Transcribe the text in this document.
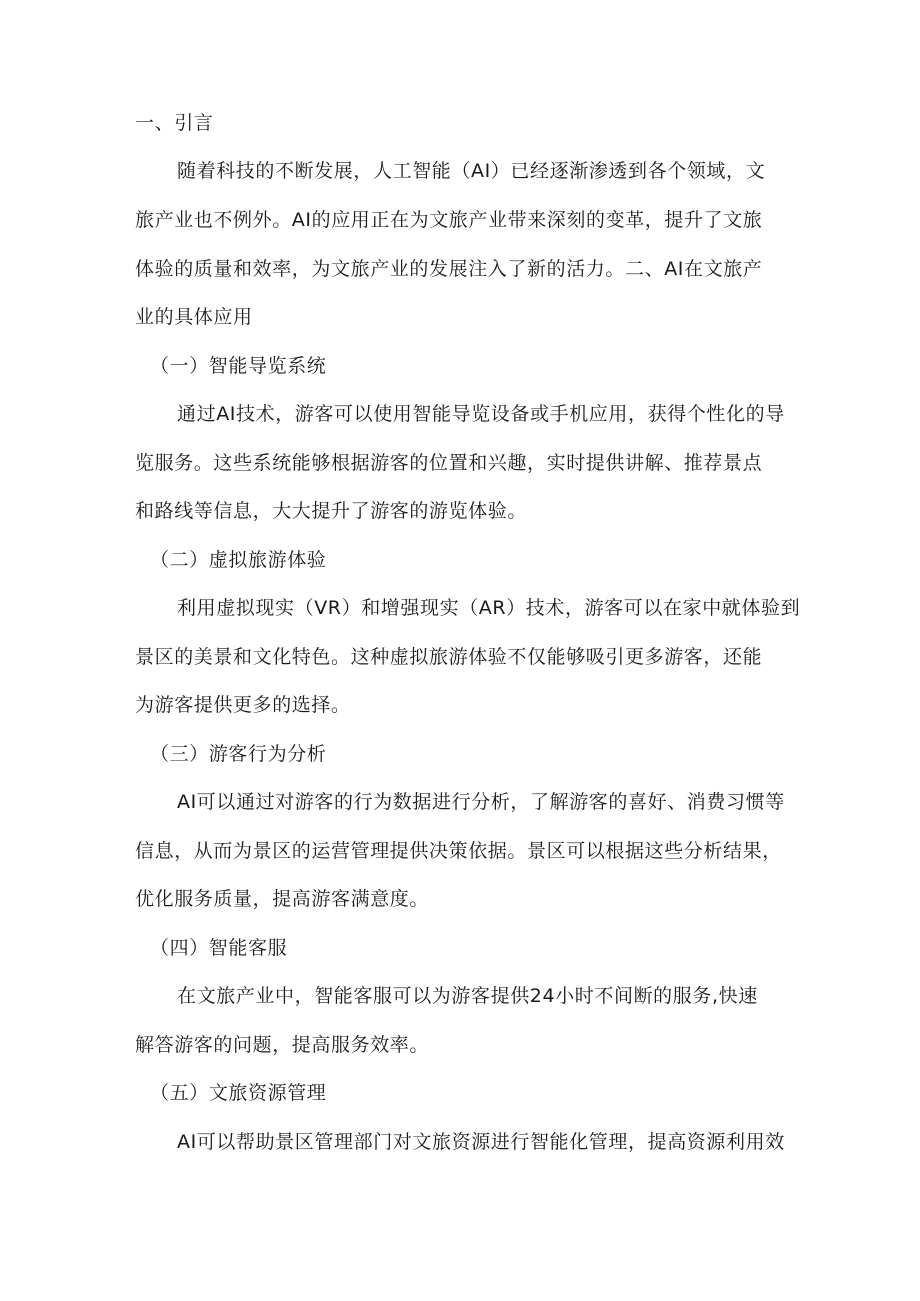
一、引言
随着科技的不断发展，人工智能（AI）已经逐渐渗透到各个领域，文
旅产业也不例外。AI的应用正在为文旅产业带来深刻的变革，提升了文旅
体验的质量和效率，为文旅产业的发展注入了新的活力。二、AI在文旅产
业的具体应用
（一）智能导览系统
通过AI技术，游客可以使用智能导览设备或手机应用，获得个性化的导
览服务。这些系统能够根据游客的位置和兴趣，实时提供讲解、推荐景点
和路线等信息，大大提升了游客的游览体验。
（二）虚拟旅游体验
利用虚拟现实（VR）和增强现实（AR）技术，游客可以在家中就体验到
景区的美景和文化特色。这种虚拟旅游体验不仅能够吸引更多游客，还能
为游客提供更多的选择。
（三）游客行为分析
AI可以通过对游客的行为数据进行分析，了解游客的喜好、消费习惯等
信息，从而为景区的运营管理提供决策依据。景区可以根据这些分析结果，
优化服务质量，提高游客满意度。
（四）智能客服
在文旅产业中，智能客服可以为游客提供24小时不间断的服务,快速
解答游客的问题，提高服务效率。
（五）文旅资源管理
AI可以帮助景区管理部门对文旅资源进行智能化管理，提高资源利用效
